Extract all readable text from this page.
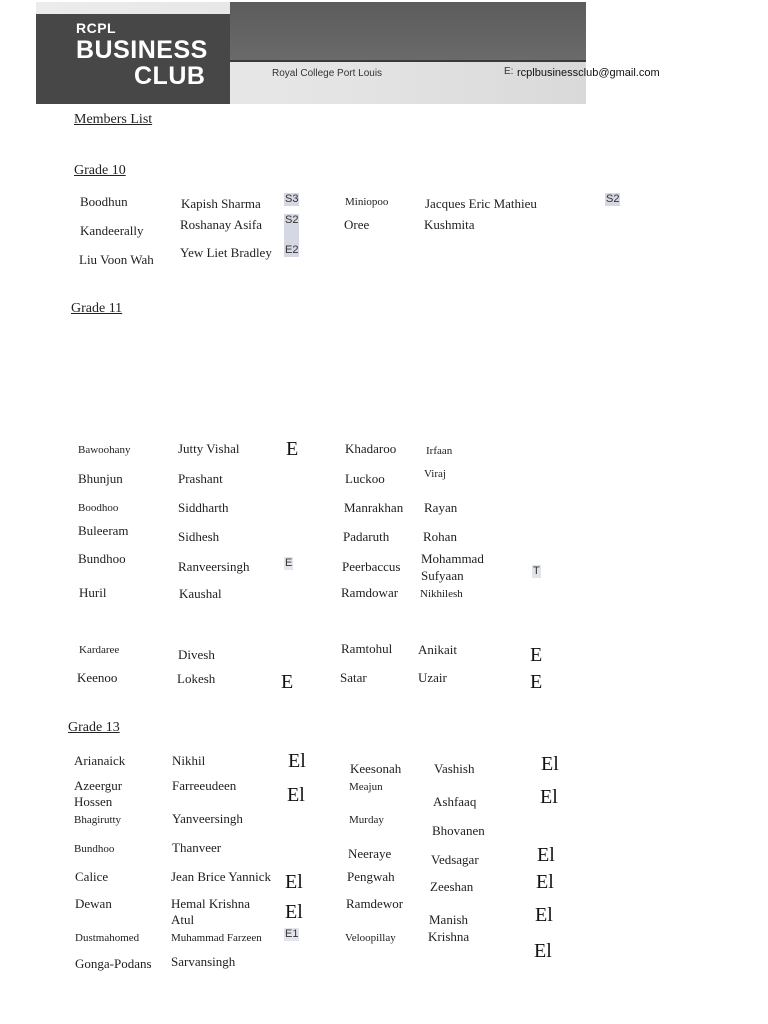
RCPL
BUSINESS
CLUB	Royal College Port Louis	E: rcplbusinessclub@gmail.com
Members List
Grade 10
Boodhun
Kandeerally
Liu Voon Wah
Kapish Sharma
Roshanay Asifa
Yew Liet Bradley
S3
S2
E2
Miniopoo
Oree
Jacques Eric Mathieu
Kushmita
S2
Grade 11
Bawoohany
Bhunjun
Boodhoo
Buleeram
Bundhoo
Huril
Kardaree
Keenoo
Jutty Vishal
Prashant
Siddharth
Sidhesh
Ranveersingh
Kaushal
Divesh
Lokesh
E
E
E
Khadaroo
Luckoo
Manrakhan
Padaruth
Peerbaccus
Ramdowar
Ramtohul
Satar
Irfaan
Viraj
Rayan
Rohan
Mohammad
Sufyaan
Nikhilesh
Anikait
Uzair
T
E
E
Grade 13
Arianaick
Azeergur
Hossen
Bhagirutty
Bundhoo
Calice
Dewan
Dustmahomed
Gonga-Podans
Nikhil
Farreeudeen
Yanveersingh
Thanveer
Jean Brice Yannick
Hemal Krishna
Atul
Muhammad Farzeen
Sarvansingh
El
El
El
El
E1
Keesonah
Meajun
Murday
Neeraye
Pengwah
Ramdewor
Veloopillay
Vashish
Ashfaaq
Bhovanen
Vedsagar
Zeeshan
Manish
Krishna
El
El
El
El
El
El
